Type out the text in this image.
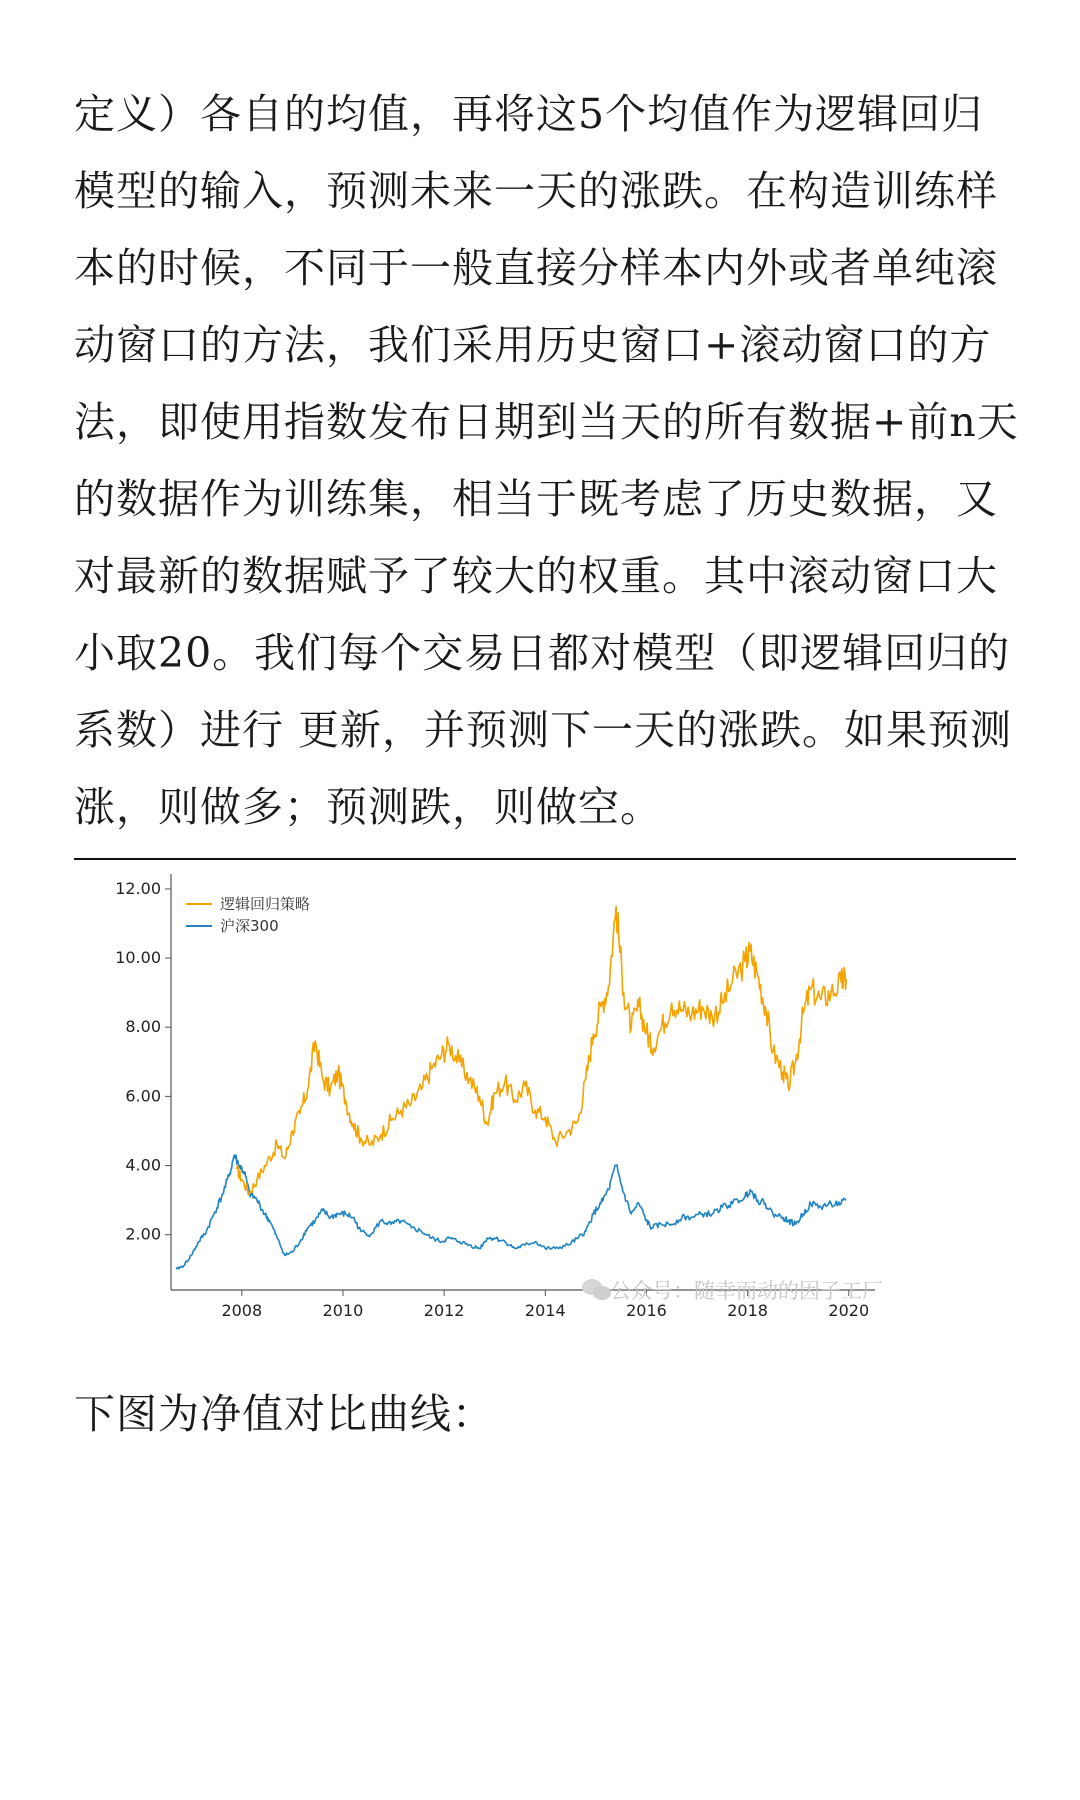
定义）各自的均值，再将这5个均值作为逻辑回归
模型的输入，预测未来一天的涨跌。在构造训练样
本的时候，不同于一般直接分样本内外或者单纯滚
动窗口的方法，我们采用历史窗口+滚动窗口的方
法，即使用指数发布日期到当天的所有数据+前n天
的数据作为训练集，相当于既考虑了历史数据，又
对最新的数据赋予了较大的权重。其中滚动窗口大
小取20。我们每个交易日都对模型（即逻辑回归的
系数）进行 更新，并预测下一天的涨跌。如果预测
涨，则做多；预测跌，则做空。

逻辑回归策略
沪深300
2.00
4.00
6.00
8.00
10.00
12.00
2008	2010	2012	2014	2016	2018	2020
公众号：随幸而动的因子工厂
下图为净值对比曲线：
